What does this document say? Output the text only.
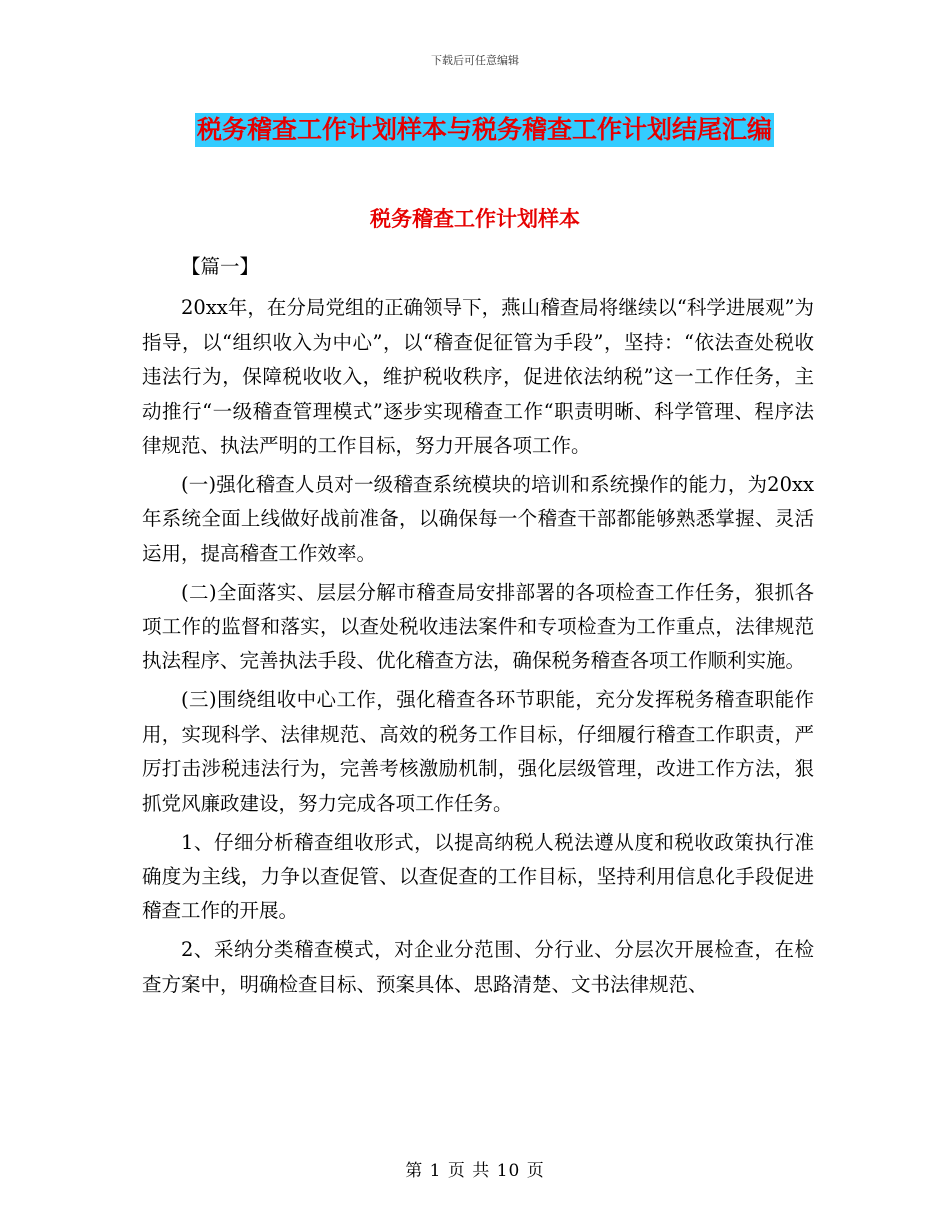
下载后可任意编辑
税务稽查工作计划样本与税务稽查工作计划结尾汇编
税务稽查工作计划样本

【篇一】

20xx年，在分局党组的正确领导下，燕山稽查局将继续以“科学进展观”为指导，以“组织收入为中心”，以“稽查促征管为手段”，坚持：“依法查处税收违法行为，保障税收收入，维护税收秩序，促进依法纳税”这一工作任务，主动推行“一级稽查管理模式”逐步实现稽查工作“职责明晰、科学管理、程序法律规范、执法严明的工作目标，努力开展各项工作。

(一)强化稽查人员对一级稽查系统模块的培训和系统操作的能力，为20xx年系统全面上线做好战前准备，以确保每一个稽查干部都能够熟悉掌握、灵活运用，提高稽查工作效率。

(二)全面落实、层层分解市稽查局安排部署的各项检查工作任务，狠抓各项工作的监督和落实，以查处税收违法案件和专项检查为工作重点，法律规范执法程序、完善执法手段、优化稽查方法，确保税务稽查各项工作顺利实施。

(三)围绕组收中心工作，强化稽查各环节职能，充分发挥税务稽查职能作用，实现科学、法律规范、高效的税务工作目标，仔细履行稽查工作职责，严厉打击涉税违法行为，完善考核激励机制，强化层级管理，改进工作方法，狠抓党风廉政建设，努力完成各项工作任务。

1、仔细分析稽查组收形式，以提高纳税人税法遵从度和税收政策执行准确度为主线，力争以查促管、以查促查的工作目标，坚持利用信息化手段促进稽查工作的开展。

2、采纳分类稽查模式，对企业分范围、分行业、分层次开展检查，在检查方案中，明确检查目标、预案具体、思路清楚、文书法律规范、

第 1 页 共 10 页
